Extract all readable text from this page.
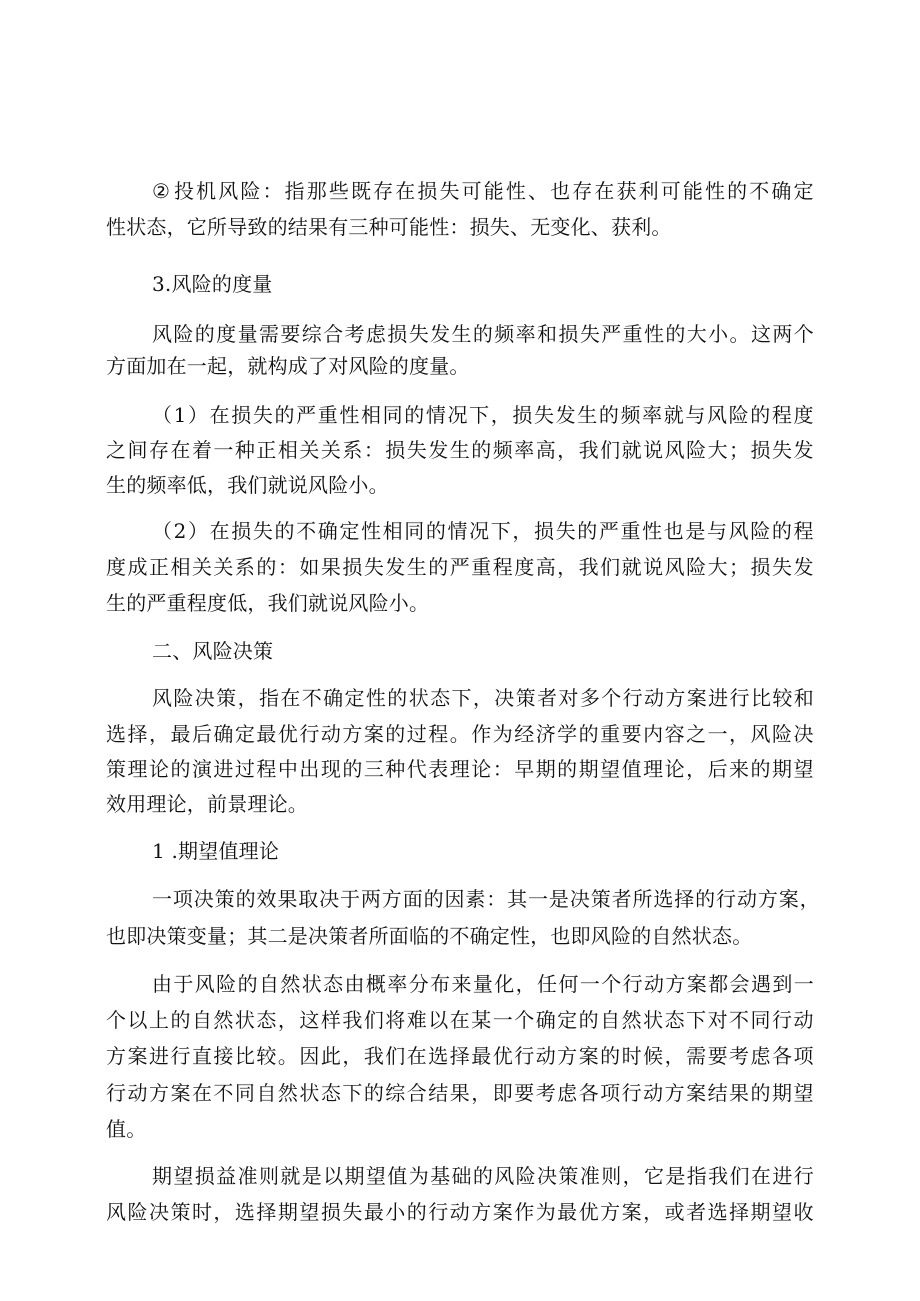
② 投 机 风 险 ： 指 那 些 既 存 在 损 失 可 能 性 、 也 存 在 获 利 可 能 性 的 不 确 定
性状态，它所导致的结果有三种可能性：损失、无变化、获利。
3.风险的度量
风 险 的 度 量 需 要 综 合 考 虑 损 失 发 生 的 频 率 和 损 失 严 重 性 的 大 小 。 这 两 个
方面加在一起，就构成了对风险的度量。
（ 1 ） 在 损 失 的 严 重 性 相 同 的 情 况 下 ， 损 失 发 生 的 频 率 就 与 风 险 的 程 度
之 间 存 在 着 一 种 正 相 关 关 系 ： 损 失 发 生 的 频 率 高 ， 我 们 就 说 风 险 大 ； 损 失 发
生的频率低，我们就说风险小。
（ 2 ） 在 损 失 的 不 确 定 性 相 同 的 情 况 下 ， 损 失 的 严 重 性 也 是 与 风 险 的 程
度 成 正 相 关 关 系 的 ： 如 果 损 失 发 生 的 严 重 程 度 高 ， 我 们 就 说 风 险 大 ； 损 失 发
生的严重程度低，我们就说风险小。
二、风险决策
风 险 决 策 ， 指 在 不 确 定 性 的 状 态 下 ， 决 策 者 对 多 个 行 动 方 案 进 行 比 较 和
选 择 ， 最 后 确 定 最 优 行 动 方 案 的 过 程 。 作 为 经 济 学 的 重 要 内 容 之 一 ， 风 险 决
策 理 论 的 演 进 过 程 中 出 现 的 三 种 代 表 理 论 ： 早 期 的 期 望 值 理 论 ， 后 来 的 期 望
效用理论，前景理论。
1 .期望值理论
一 项 决 策 的 效 果 取 决 于 两 方 面 的 因 素 ： 其 一 是 决 策 者 所 选 择 的 行 动 方 案 ，
也即决策变量；其二是决策者所面临的不确定性，也即风险的自然状态。
由 于 风 险 的 自 然 状 态 由 概 率 分 布 来 量 化 ， 任 何 一 个 行 动 方 案 都 会 遇 到 一
个 以 上 的 自 然 状 态 ， 这 样 我 们 将 难 以 在 某 一 个 确 定 的 自 然 状 态 下 对 不 同 行 动
方 案 进 行 直 接 比 较 。 因 此 ， 我 们 在 选 择 最 优 行 动 方 案 的 时 候 ， 需 要 考 虑 各 项
行 动 方 案 在 不 同 自 然 状 态 下 的 综 合 结 果 ， 即 要 考 虑 各 项 行 动 方 案 结 果 的 期 望
值。
期 望 损 益 准 则 就 是 以 期 望 值 为 基 础 的 风 险 决 策 准 则 ， 它 是 指 我 们 在 进 行
风 险 决 策 时 ， 选 择 期 望 损 失 最 小 的 行 动 方 案 作 为 最 优 方 案 ， 或 者 选 择 期 望 收
